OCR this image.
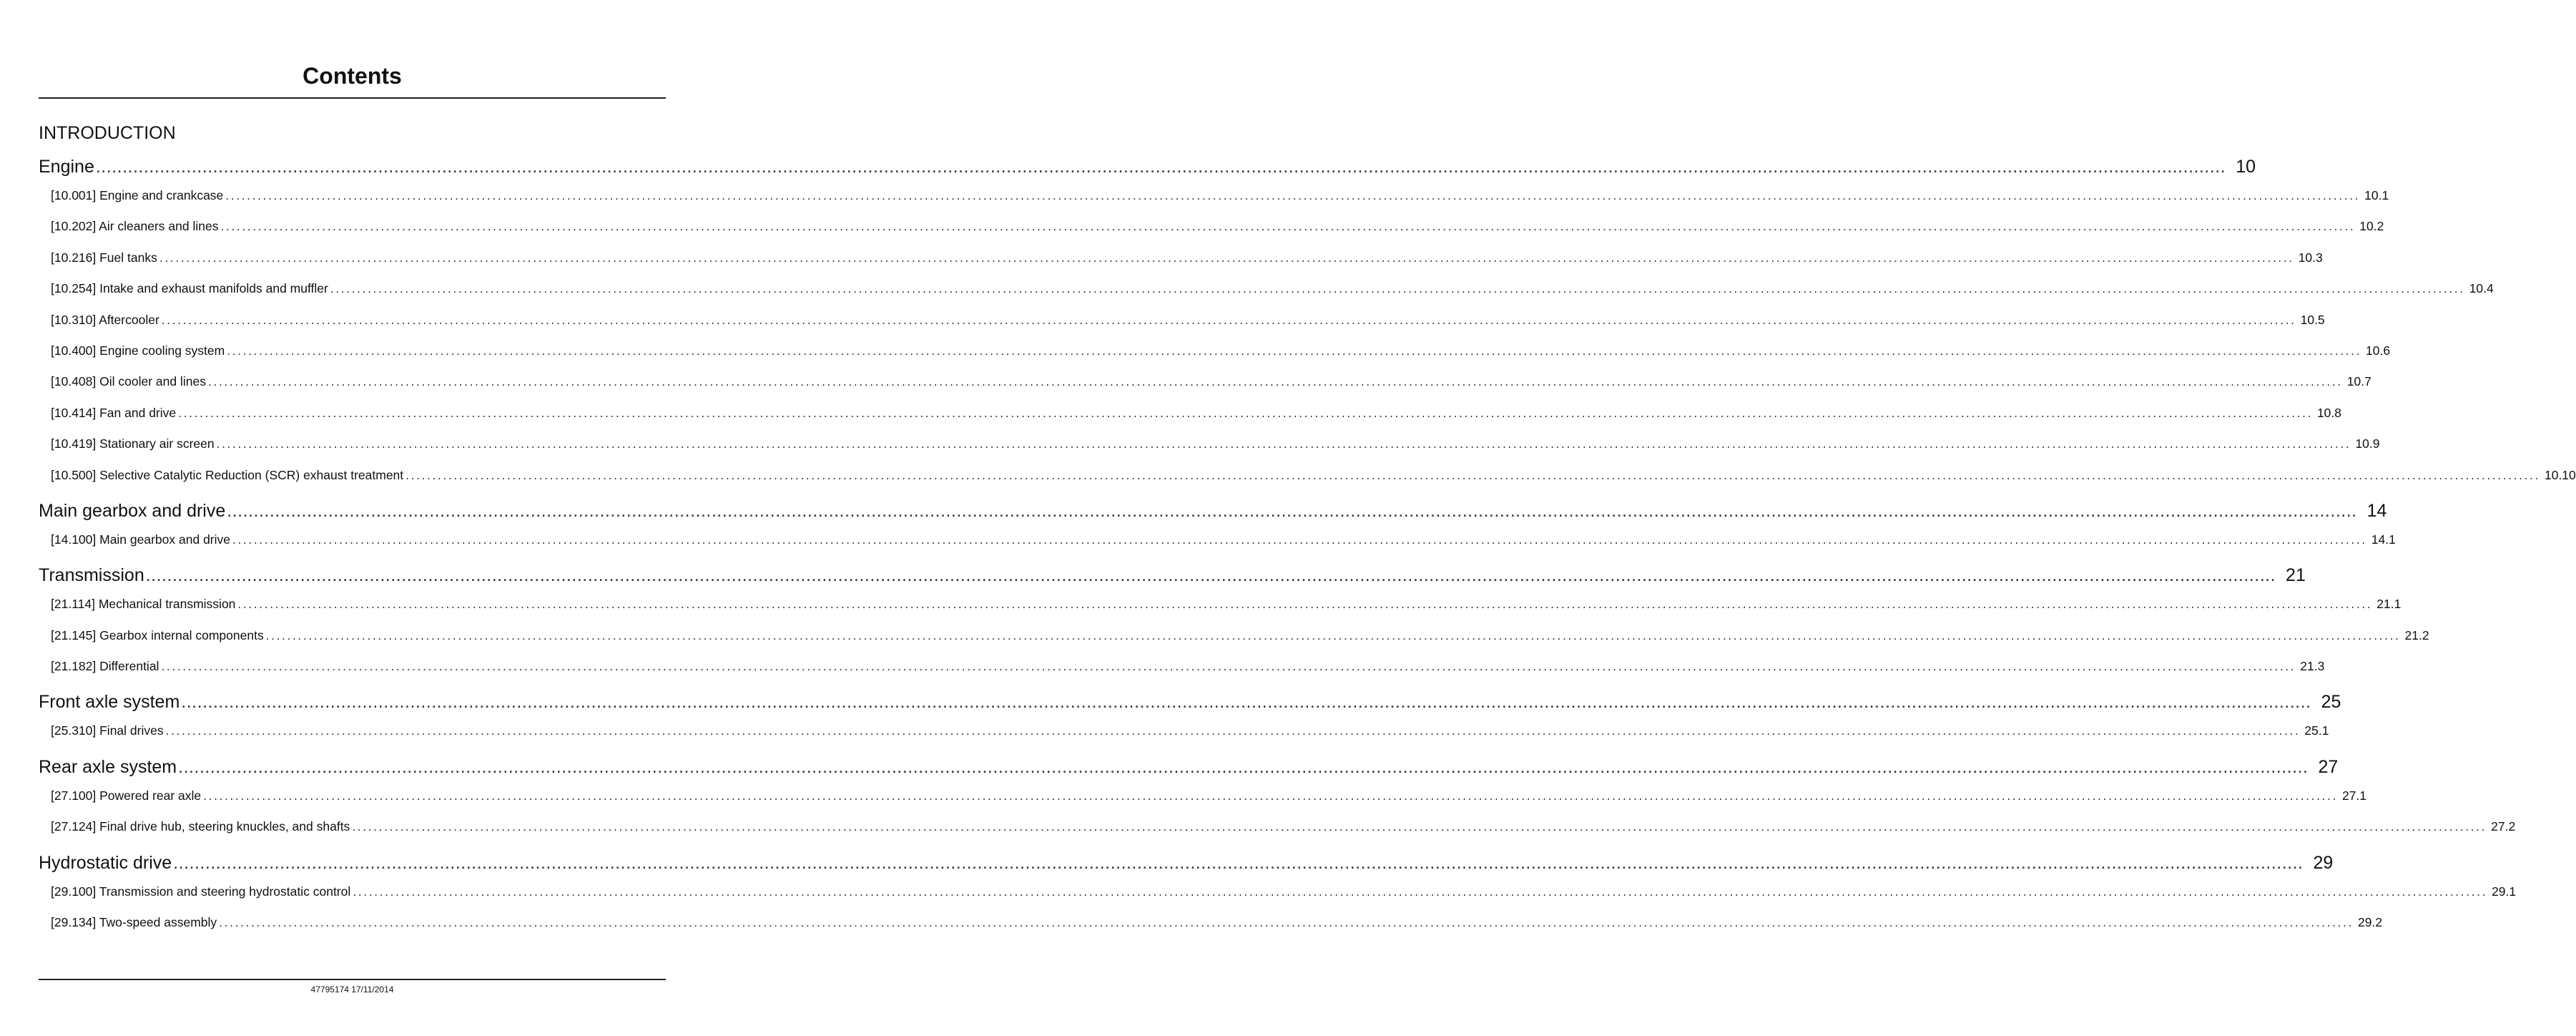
Contents
INTRODUCTION
Engine ................................................................................................................................................................................................................................................................................................................................................................................................................ 10
[10.001] Engine and crankcase ................................................................................................................................................................................................................................................................................................................................................................................................................ 10.1
[10.202] Air cleaners and lines ................................................................................................................................................................................................................................................................................................................................................................................................................ 10.2
[10.216] Fuel tanks ................................................................................................................................................................................................................................................................................................................................................................................................................ 10.3
[10.254] Intake and exhaust manifolds and muffler ................................................................................................................................................................................................................................................................................................................................................................................................................ 10.4
[10.310] Aftercooler ................................................................................................................................................................................................................................................................................................................................................................................................................ 10.5
[10.400] Engine cooling system ................................................................................................................................................................................................................................................................................................................................................................................................................ 10.6
[10.408] Oil cooler and lines ................................................................................................................................................................................................................................................................................................................................................................................................................ 10.7
[10.414] Fan and drive ................................................................................................................................................................................................................................................................................................................................................................................................................ 10.8
[10.419] Stationary air screen ................................................................................................................................................................................................................................................................................................................................................................................................................ 10.9
[10.500] Selective Catalytic Reduction (SCR) exhaust treatment ................................................................................................................................................................................................................................................................................................................................................................................................................ 10.10
Main gearbox and drive ................................................................................................................................................................................................................................................................................................................................................................................................................ 14
[14.100] Main gearbox and drive ................................................................................................................................................................................................................................................................................................................................................................................................................ 14.1
Transmission ................................................................................................................................................................................................................................................................................................................................................................................................................ 21
[21.114] Mechanical transmission ................................................................................................................................................................................................................................................................................................................................................................................................................ 21.1
[21.145] Gearbox internal components ................................................................................................................................................................................................................................................................................................................................................................................................................ 21.2
[21.182] Differential ................................................................................................................................................................................................................................................................................................................................................................................................................ 21.3
Front axle system ................................................................................................................................................................................................................................................................................................................................................................................................................ 25
[25.310] Final drives ................................................................................................................................................................................................................................................................................................................................................................................................................ 25.1
Rear axle system ................................................................................................................................................................................................................................................................................................................................................................................................................ 27
[27.100] Powered rear axle ................................................................................................................................................................................................................................................................................................................................................................................................................ 27.1
[27.124] Final drive hub, steering knuckles, and shafts ................................................................................................................................................................................................................................................................................................................................................................................................................ 27.2
Hydrostatic drive ................................................................................................................................................................................................................................................................................................................................................................................................................ 29
[29.100] Transmission and steering hydrostatic control ................................................................................................................................................................................................................................................................................................................................................................................................................ 29.1
[29.134] Two-speed assembly ................................................................................................................................................................................................................................................................................................................................................................................................................ 29.2
47795174 17/11/2014
